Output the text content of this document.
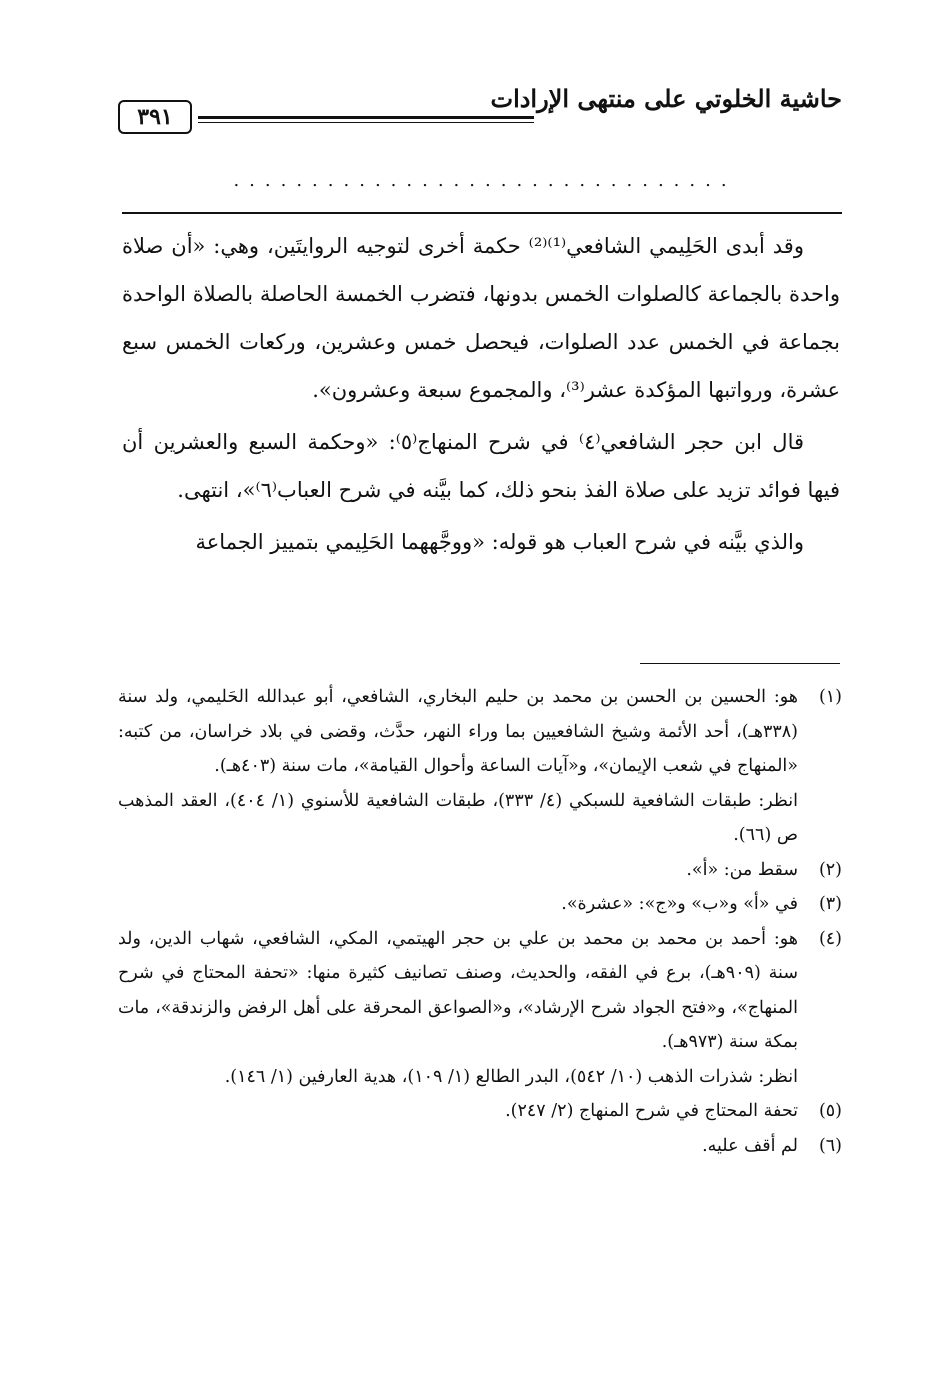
حاشية الخلوتي على منتهى الإرادات
٣٩١
................................

وقد أبدى الحَلِيمي الشافعي⁽¹⁾⁽²⁾ حكمة أخرى لتوجيه الروايتَين، وهي: «أن صلاة واحدة بالجماعة كالصلوات الخمس بدونها، فتضرب الخمسة الحاصلة بالصلاة الواحدة بجماعة في الخمس عدد الصلوات، فيحصل خمس وعشرين، وركعات الخمس سبع عشرة، ورواتبها المؤكدة عشر⁽³⁾، والمجموع سبعة وعشرون».

قال ابن حجر الشافعي⁽٤⁾ في شرح المنهاج⁽٥⁾: «وحكمة السبع والعشرين أن فيها فوائد تزيد على صلاة الفذ بنحو ذلك، كما بيَّنه في شرح العباب⁽٦⁾»، انتهى.

والذي بيَّنه في شرح العباب هو قوله: «ووجَّههما الحَلِيمي بتمييز الجماعة

(١)
هو: الحسين بن الحسن بن محمد بن حليم البخاري، الشافعي، أبو عبدالله الحَليمي، ولد سنة (٣٣٨هـ)، أحد الأئمة وشيخ الشافعيين بما وراء النهر، حدَّث، وقضى في بلاد خراسان، من كتبه: «المنهاج في شعب الإيمان»، و«آيات الساعة وأحوال القيامة»، مات سنة (٤٠٣هـ).
انظر: طبقات الشافعية للسبكي (٤/ ٣٣٣)، طبقات الشافعية للأسنوي (١/ ٤٠٤)، العقد المذهب ص (٦٦).
(٢)
سقط من: «أ».
(٣)
في «أ» و«ب» و«ج»: «عشرة».
(٤)
هو: أحمد بن محمد بن محمد بن علي بن حجر الهيتمي، المكي، الشافعي، شهاب الدين، ولد سنة (٩٠٩هـ)، برع في الفقه، والحديث، وصنف تصانيف كثيرة منها: «تحفة المحتاج في شرح المنهاج»، و«فتح الجواد شرح الإرشاد»، و«الصواعق المحرقة على أهل الرفض والزندقة»، مات بمكة سنة (٩٧٣هـ).
انظر: شذرات الذهب (١٠/ ٥٤٢)، البدر الطالع (١/ ١٠٩)، هدية العارفين (١/ ١٤٦).
(٥)
تحفة المحتاج في شرح المنهاج (٢/ ٢٤٧).
(٦)
لم أقف عليه.
